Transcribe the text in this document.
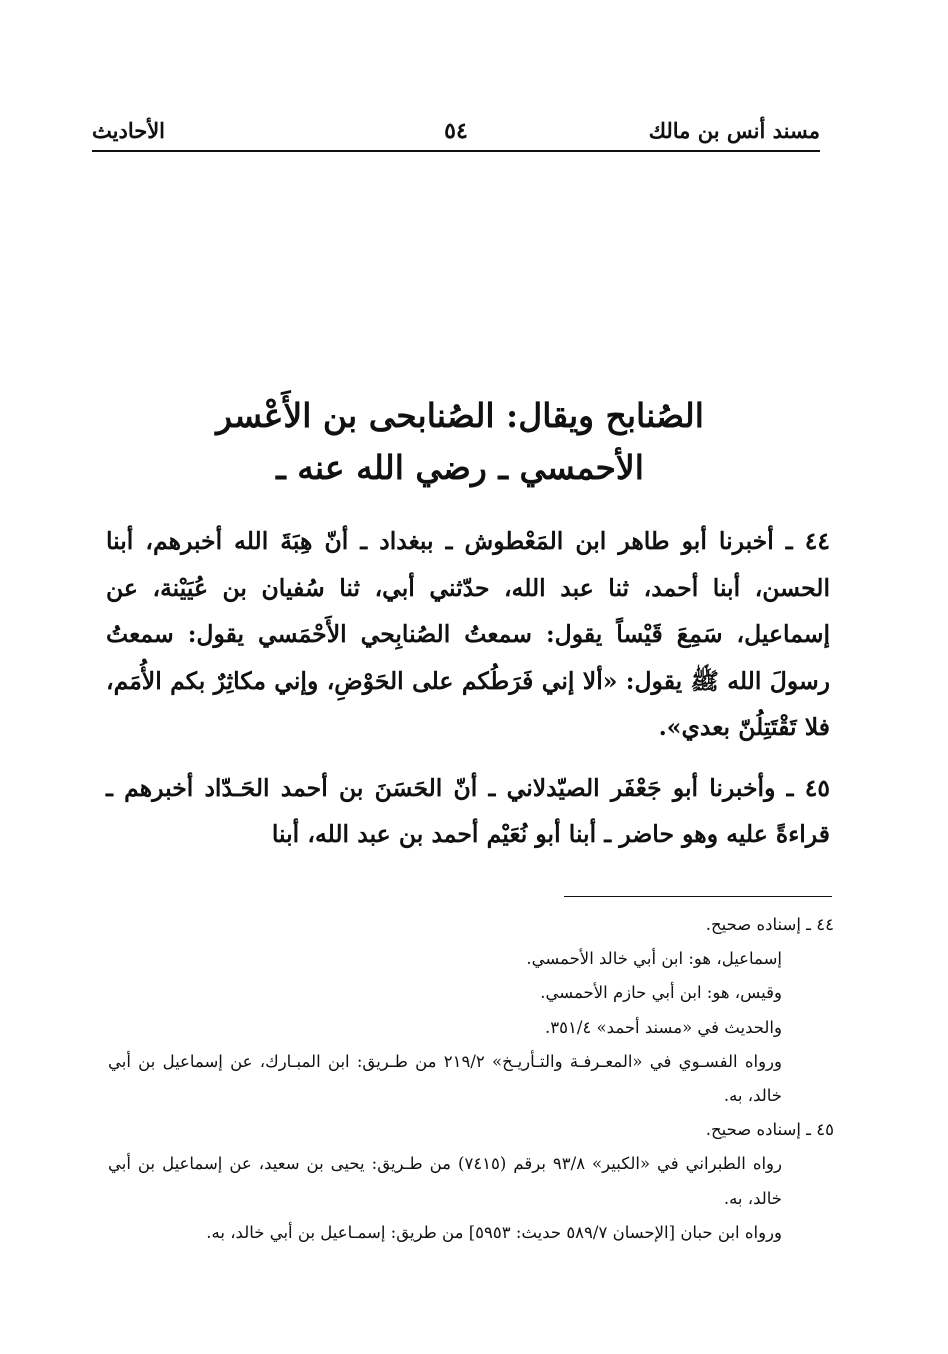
مسند أنس بن مالك
٥٤
الأحاديث
الصُنابح ويقال: الصُنابحى بن الأَعْسر
الأحمسي ـ رضي الله عنه ـ

٤٤ ـ أخبرنا أبو طاهر ابن المَعْطوش ـ ببغداد ـ أنّ هِبَةَ الله أخبرهم، أبنا الحسن، أبنا أحمد، ثنا عبد الله، حدّثني أبي، ثنا سُفيان بن عُيَيْنة، عن إسماعيل، سَمِعَ قَيْساً يقول: سمعتُ الصُنابِحي الأَحْمَسي يقول: سمعتُ رسولَ الله ﷺ يقول: «ألا إني فَرَطُكم على الحَوْضِ، وإني مكاثِرٌ بكم الأُمَم، فلا تَقْتَتِلُنّ بعدي».

٤٥ ـ وأخبرنا أبو جَعْفَر الصيّدلاني ـ أنّ الحَسَنَ بن أحمد الحَـدّاد أخبرهم ـ قراءةً عليه وهو حاضر ـ أبنا أبو نُعَيْم أحمد بن عبد الله، أبنا

٤٤ ـ إسناده صحيح.
إسماعيل، هو: ابن أبي خالد الأحمسي.
وقيس، هو: ابن أبي حازم الأحمسي.
والحديث في «مسند أحمد» ٣٥١/٤.
ورواه الفسـوي في «المعـرفـة والتـأريـخ» ٢١٩/٢ من طـريق: ابن المبـارك، عن إسماعيل بن أبي خالد، به.
٤٥ ـ إسناده صحيح.
رواه الطبراني في «الكبير» ٩٣/٨ برقم (٧٤١٥) من طـريق: يحيى بن سعيد، عن إسماعيل بن أبي خالد، به.
ورواه ابن حبان [الإحسان ٥٨٩/٧ حديث: ٥٩٥٣] من طريق: إسمـاعيل بن أبي خالد، به.
